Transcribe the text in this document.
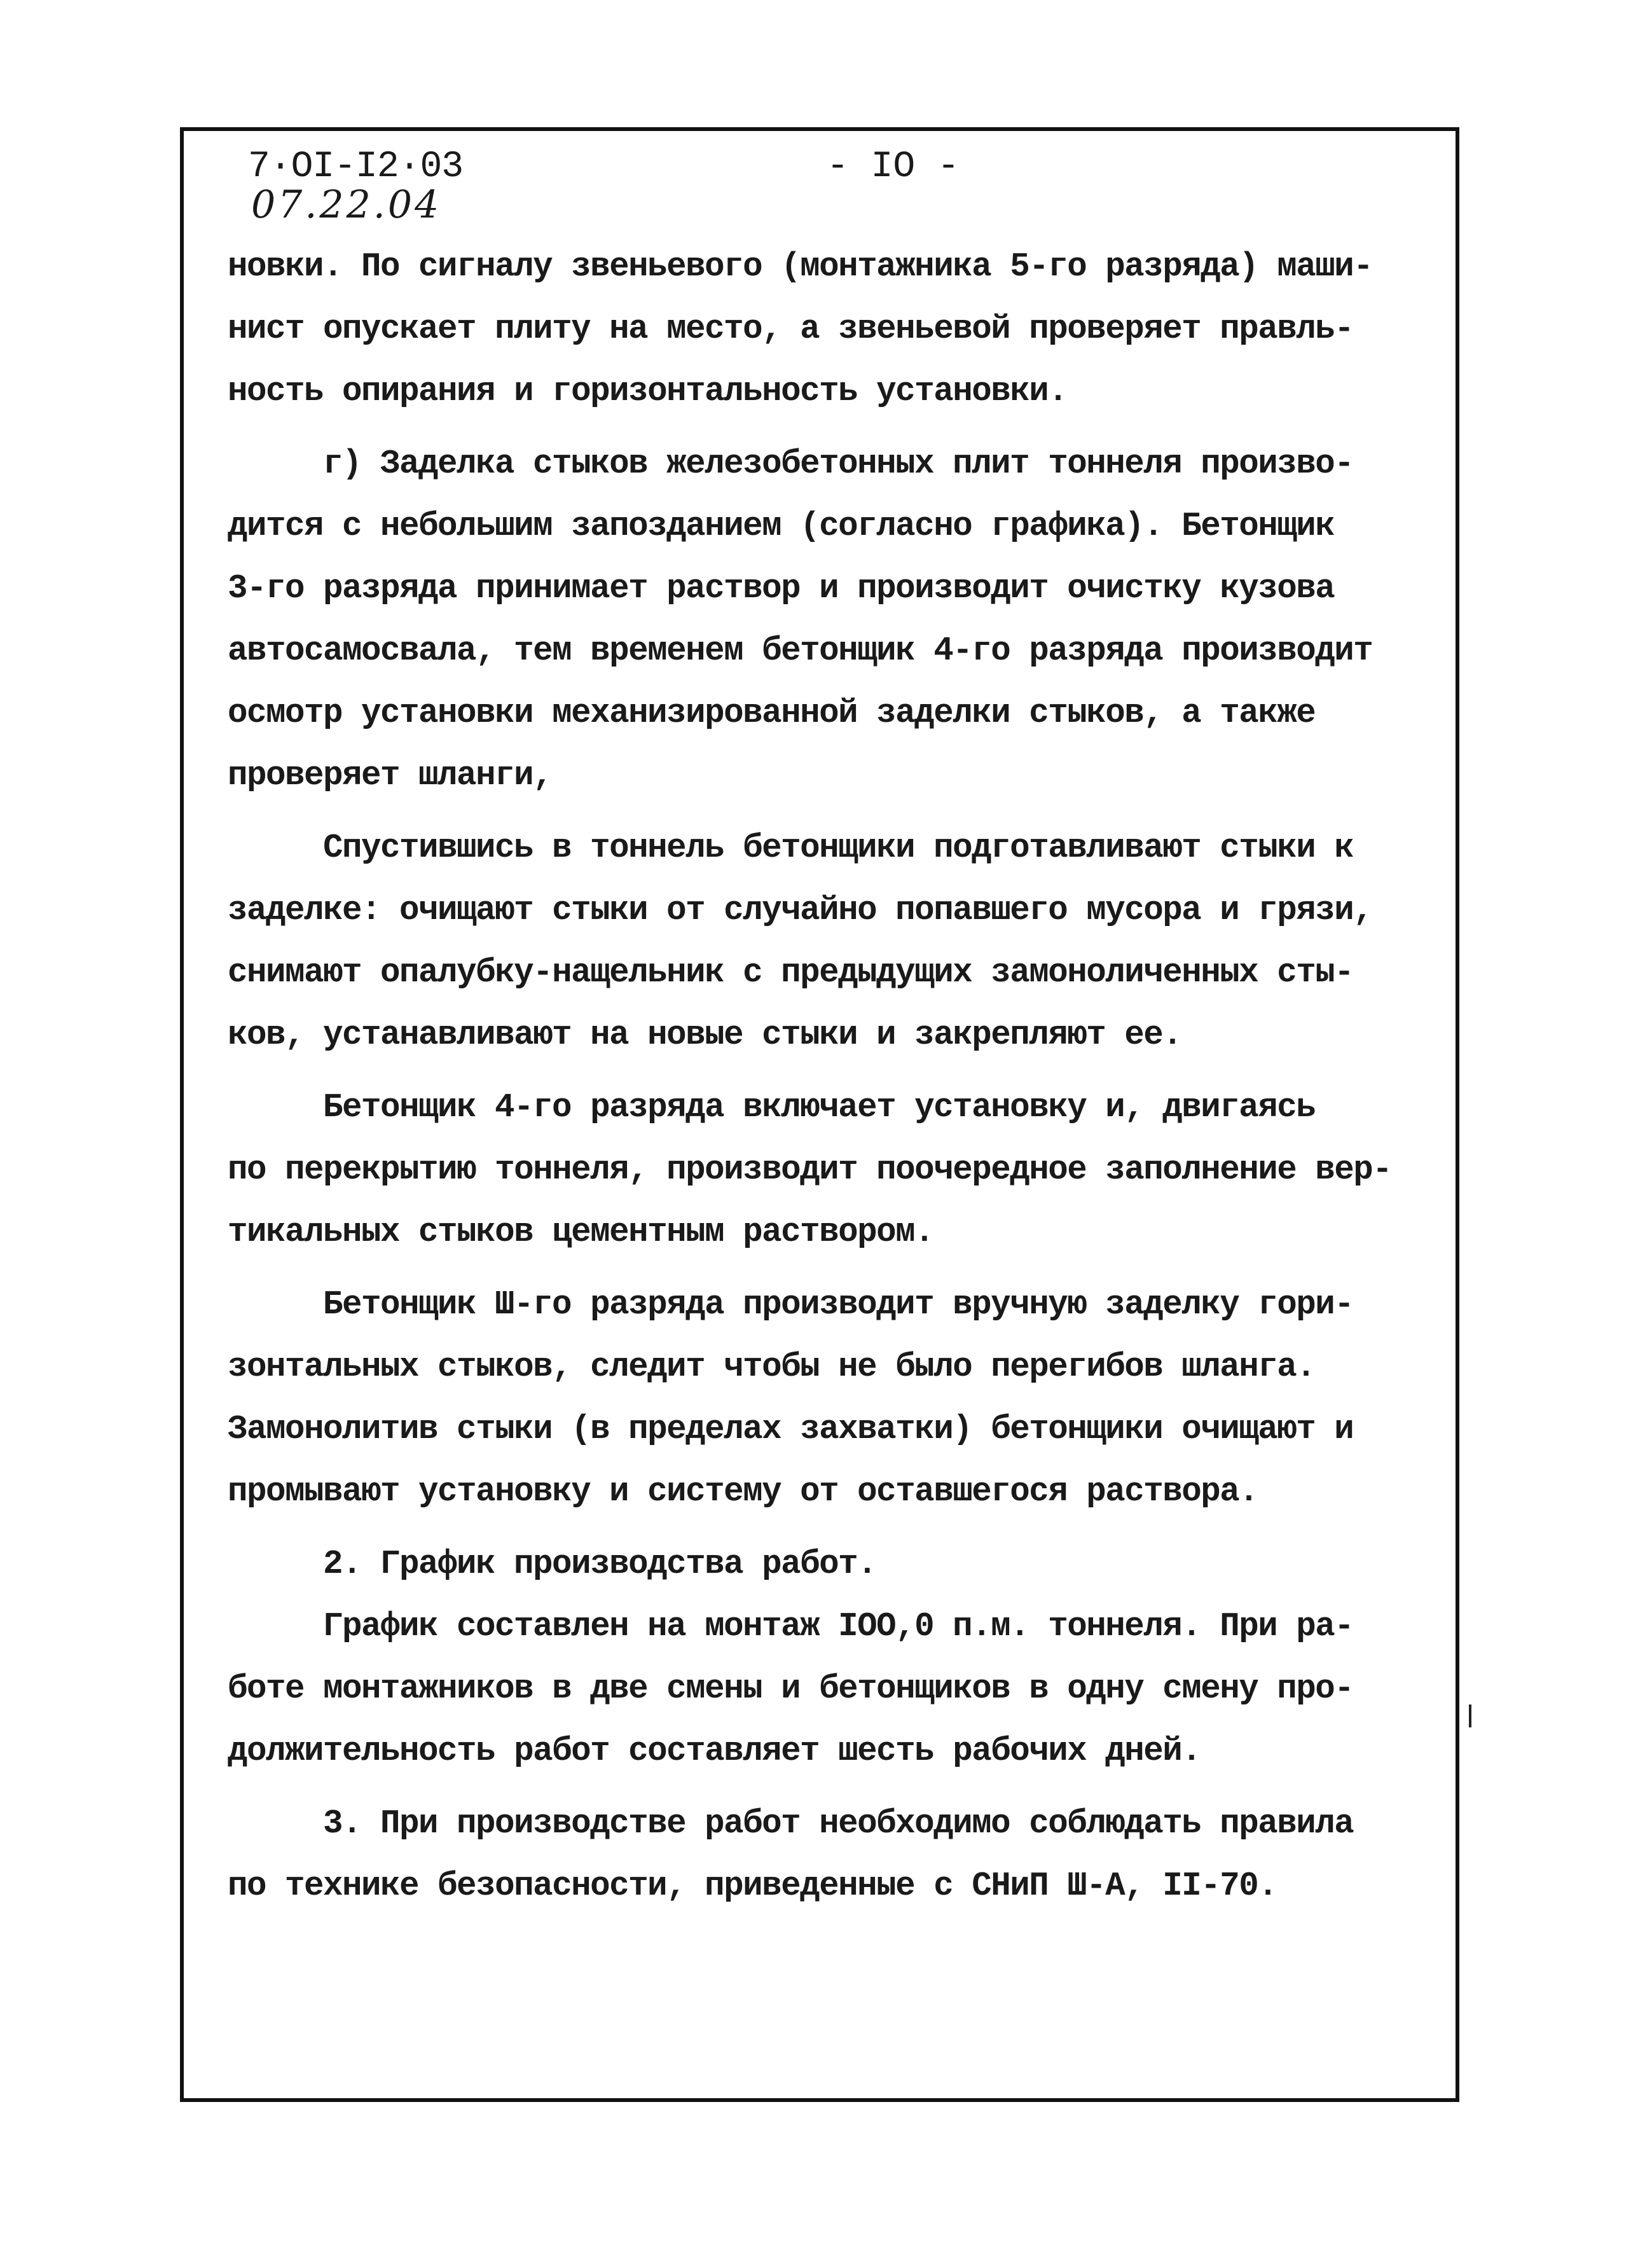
7·OI-I2·03
07.22.04
- IO -

новки. По сигналу звеньевого (монтажника 5-го разряда) маши-

нист опускает плиту на место, а звеньевой проверяет правль-

ность опирания и горизонтальность установки.

г) Заделка стыков железобетонных плит тоннеля произво-

дится с небольшим запозданием (согласно графика). Бетонщик

3-го разряда принимает раствор и производит очистку кузова

автосамосвала, тем временем бетонщик 4-го разряда производит

осмотр установки механизированной заделки стыков, а также

проверяет шланги,

Спустившись в тоннель бетонщики подготавливают стыки к

заделке: очищают стыки от случайно попавшего мусора и грязи,

снимают опалубку-нащельник с предыдущих замоноличенных сты-

ков, устанавливают на новые стыки и закрепляют ее.

Бетонщик 4-го разряда включает установку и, двигаясь

по перекрытию тоннеля, производит поочередное заполнение вер-

тикальных стыков цементным раствором.

Бетонщик Ш-го разряда производит вручную заделку гори-

зонтальных стыков, следит чтобы не было перегибов шланга.

Замонолитив стыки (в пределах захватки) бетонщики очищают и

промывают установку и систему от оставшегося раствора.

2. График производства работ.

График составлен на монтаж IOO,0 п.м. тоннеля. При ра-

боте монтажников в две смены и бетонщиков в одну смену про-

должительность работ составляет шесть рабочих дней.

3. При производстве работ необходимо соблюдать правила

по технике безопасности, приведенные с СНиП Ш-А, II-70.
